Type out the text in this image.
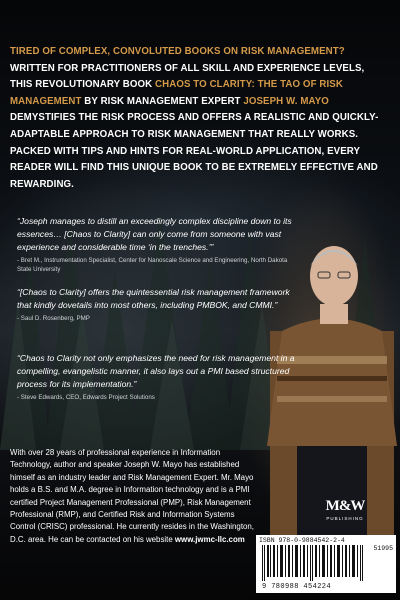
TIRED OF COMPLEX, CONVOLUTED BOOKS ON RISK MANAGEMENT? WRITTEN FOR PRACTITIONERS OF ALL SKILL AND EXPERIENCE LEVELS, THIS REVOLUTIONARY BOOK CHAOS TO CLARITY: THE TAO OF RISK MANAGEMENT BY RISK MANAGEMENT EXPERT JOSEPH W. MAYO DEMYSTIFIES THE RISK PROCESS AND OFFERS A REALISTIC AND QUICKLY-ADAPTABLE APPROACH TO RISK MANAGEMENT THAT REALLY WORKS. PACKED WITH TIPS AND HINTS FOR REAL-WORLD APPLICATION, EVERY READER WILL FIND THIS UNIQUE BOOK TO BE EXTREMELY EFFECTIVE AND REWARDING.

“Joseph manages to distill an exceedingly complex discipline down to its essences… [Chaos to Clarity] can only come from someone with vast experience and considerable time ‘in the trenches.’”

- Bret M., Instrumentation Specialist, Center for Nanoscale Science and Engineering, North Dakota State University

“[Chaos to Clarity] offers the quintessential risk management framework that kindly dovetails into most others, including PMBOK, and CMMI.”

- Saul D. Rosenberg, PMP

“Chaos to Clarity not only emphasizes the need for risk management in a compelling, evangelistic manner, it also lays out a PMI based structured process for its implementation.”

- Steve Edwards, CEO, Edwards Project Solutions

With over 28 years of professional experience in Information Technology, author and speaker Joseph W. Mayo has established himself as an industry leader and Risk Management Expert. Mr. Mayo holds a B.S. and M.A. degree in Information technology and is a PMI certified Project Management Professional (PMP), Risk Management Professional (RMP), and Certified Risk and Information Systems Control (CRISC) professional. He currently resides in the Washington, D.C. area. He can be contacted on his website www.jwmc-llc.com

M&W
PUBLISHING
ISBN 978-0-9884542-2-4
51995
9 780988 454224
